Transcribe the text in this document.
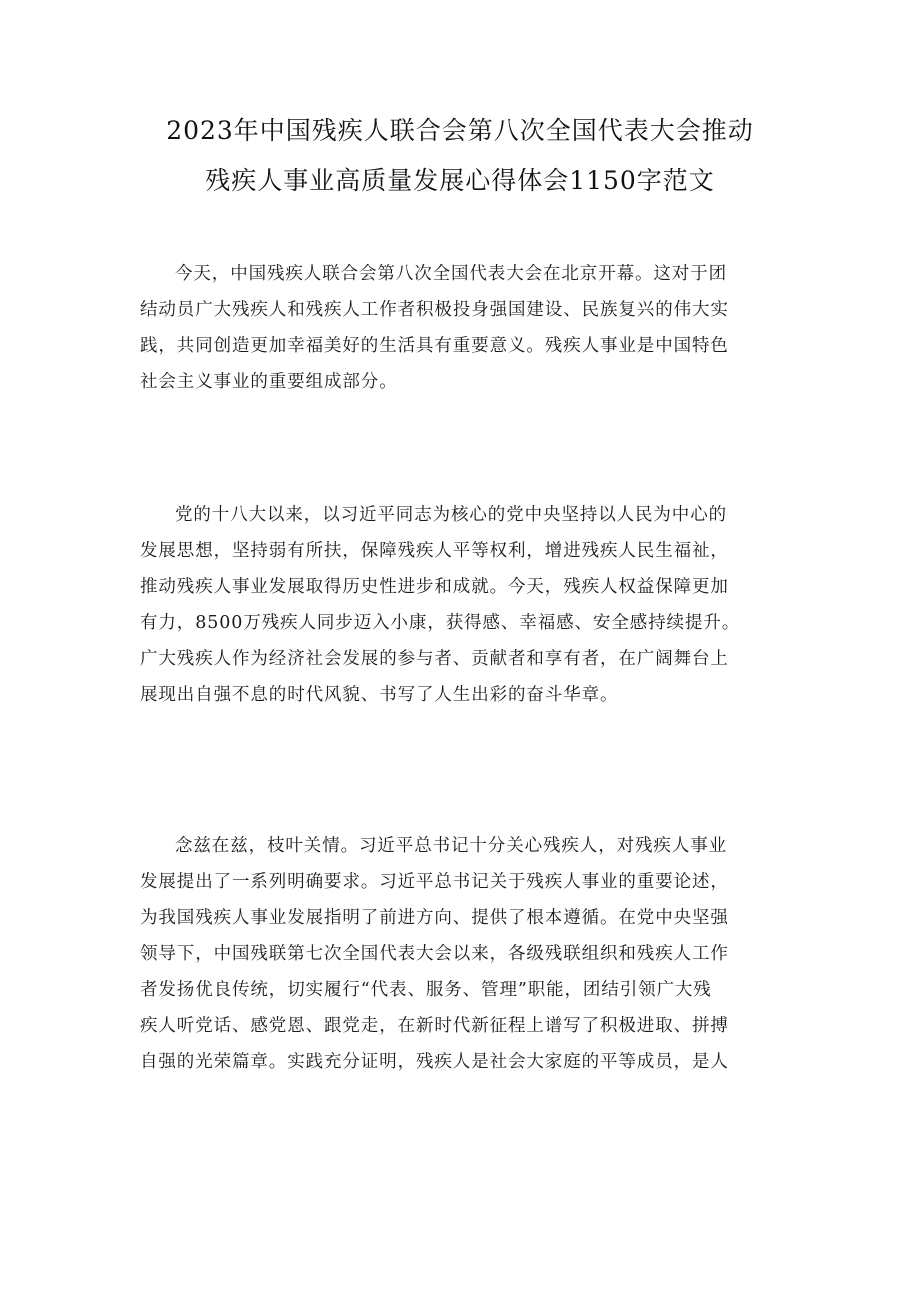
2023年中国残疾人联合会第八次全国代表大会推动
残疾人事业高质量发展心得体会1150字范文
今天，中国残疾人联合会第八次全国代表大会在北京开幕。这对于团
结动员广大残疾人和残疾人工作者积极投身强国建设、民族复兴的伟大实
践，共同创造更加幸福美好的生活具有重要意义。残疾人事业是中国特色
社会主义事业的重要组成部分。
党的十八大以来，以习近平同志为核心的党中央坚持以人民为中心的
发展思想，坚持弱有所扶，保障残疾人平等权利，增进残疾人民生福祉，
推动残疾人事业发展取得历史性进步和成就。今天，残疾人权益保障更加
有力，8500万残疾人同步迈入小康，获得感、幸福感、安全感持续提升。
广大残疾人作为经济社会发展的参与者、贡献者和享有者，在广阔舞台上
展现出自强不息的时代风貌、书写了人生出彩的奋斗华章。
念兹在兹，枝叶关情。习近平总书记十分关心残疾人，对残疾人事业
发展提出了一系列明确要求。习近平总书记关于残疾人事业的重要论述，
为我国残疾人事业发展指明了前进方向、提供了根本遵循。在党中央坚强
领导下，中国残联第七次全国代表大会以来，各级残联组织和残疾人工作
者发扬优良传统，切实履行“代表、服务、管理”职能，团结引领广大残
疾人听党话、感党恩、跟党走，在新时代新征程上谱写了积极进取、拼搏
自强的光荣篇章。实践充分证明，残疾人是社会大家庭的平等成员，是人
